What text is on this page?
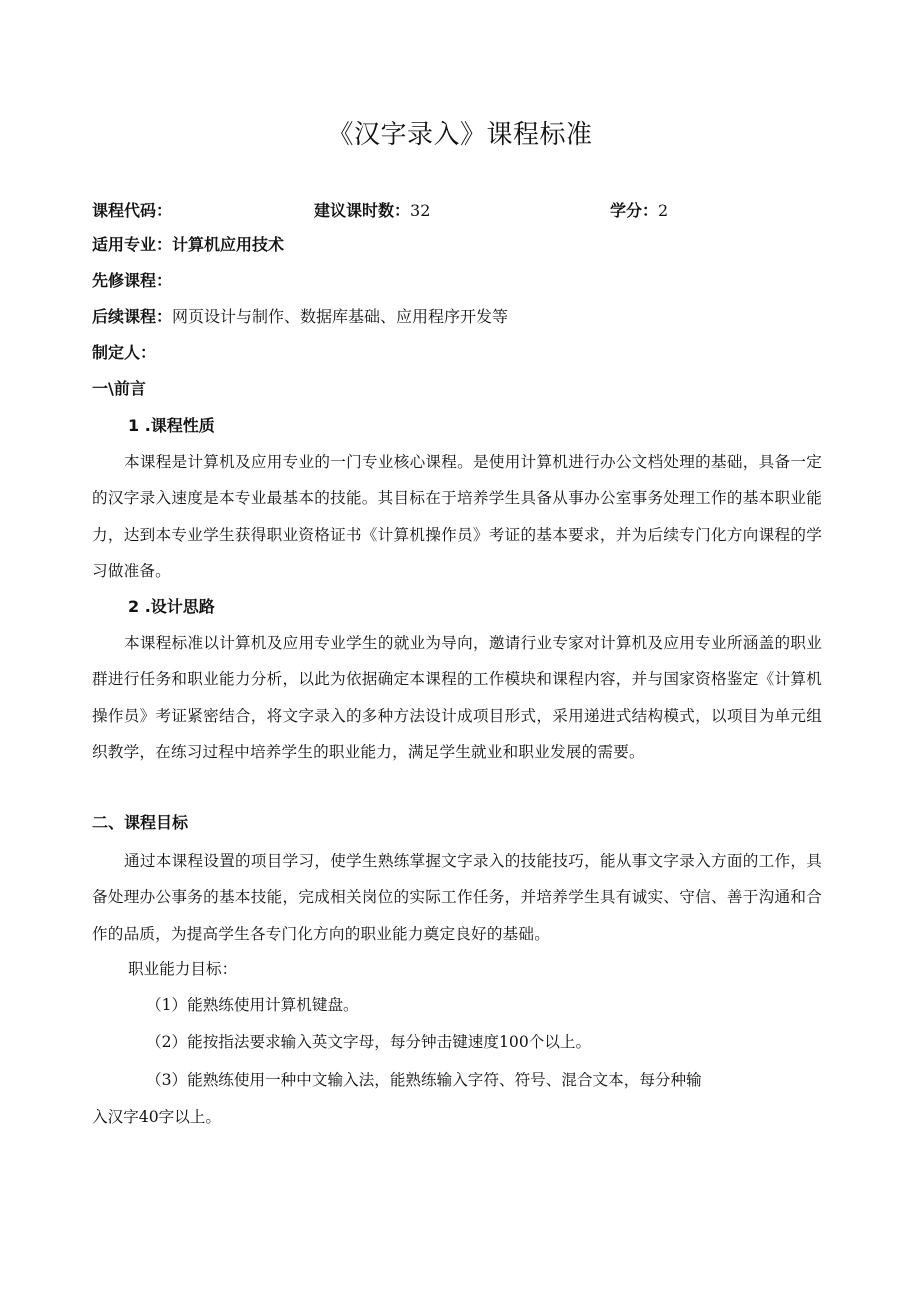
《汉字录入》课程标准
课程代码：	建议课时数：32	学分：2
适用专业：计算机应用技术
先修课程：
后续课程：网页设计与制作、数据库基础、应用程序开发等
制定人：
一\前言
1 .课程性质
本课程是计算机及应用专业的一门专业核心课程。是使用计算机进行办公文档处理的基础，具备一定的汉字录入速度是本专业最基本的技能。其目标在于培养学生具备从事办公室事务处理工作的基本职业能力，达到本专业学生获得职业资格证书《计算机操作员》考证的基本要求，并为后续专门化方向课程的学习做准备。
2 .设计思路
本课程标准以计算机及应用专业学生的就业为导向，邀请行业专家对计算机及应用专业所涵盖的职业群进行任务和职业能力分析，以此为依据确定本课程的工作模块和课程内容，并与国家资格鉴定《计算机操作员》考证紧密结合，将文字录入的多种方法设计成项目形式，采用递进式结构模式，以项目为单元组织教学，在练习过程中培养学生的职业能力，满足学生就业和职业发展的需要。
二、课程目标
通过本课程设置的项目学习，使学生熟练掌握文字录入的技能技巧，能从事文字录入方面的工作，具备处理办公事务的基本技能，完成相关岗位的实际工作任务，并培养学生具有诚实、守信、善于沟通和合作的品质，为提高学生各专门化方向的职业能力奠定良好的基础。
职业能力目标：
（1）能熟练使用计算机键盘。
（2）能按指法要求输入英文字母，每分钟击键速度100个以上。
（3）能熟练使用一种中文输入法，能熟练输入字符、符号、混合文本，每分种输
入汉字40字以上。
